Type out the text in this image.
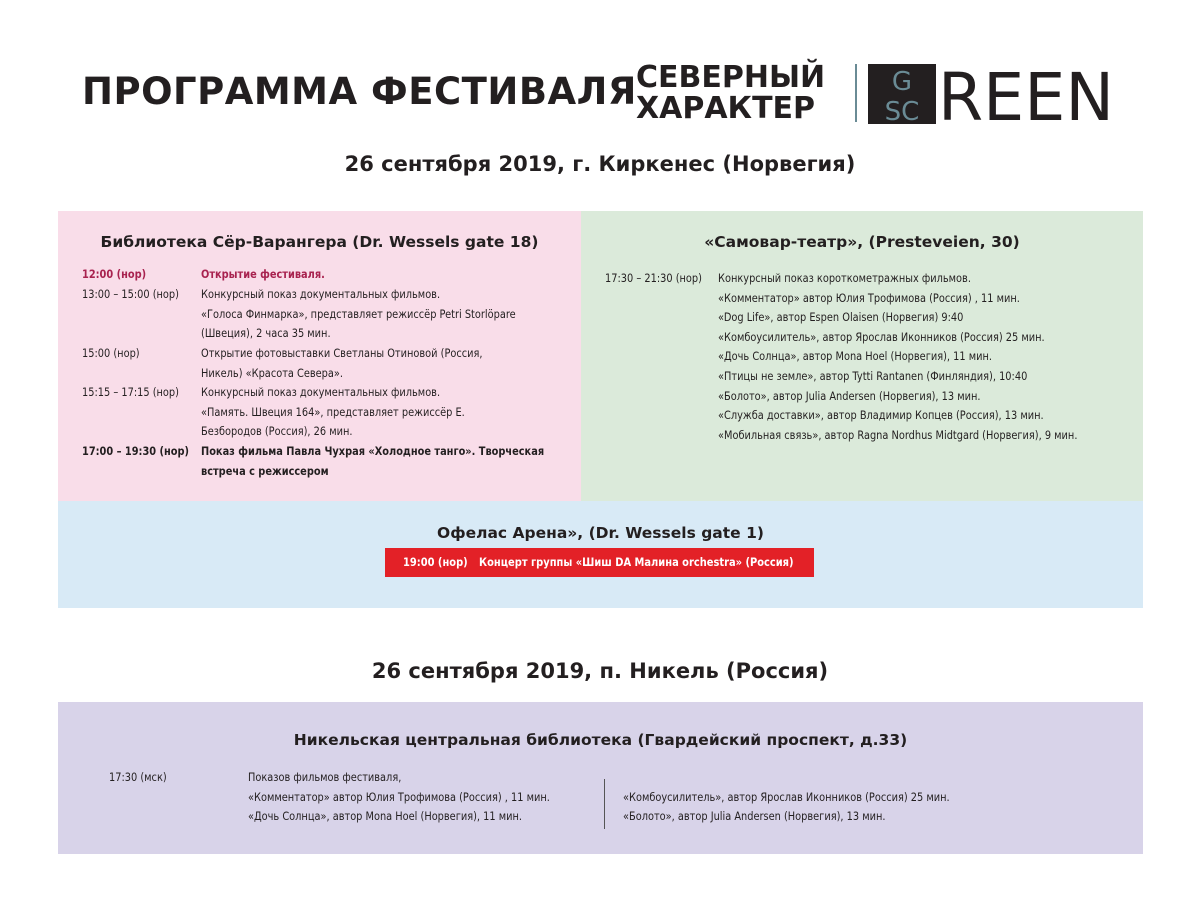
ПРОГРАММА ФЕСТИВАЛЯ СЕВЕРНЫЙ
ХАРАКТЕР
G
SC REEN
26 сентября 2019, г. Киркенес (Норвегия)
Библиотека Сёр-Варангера (Dr. Wessels gate 18)
12:00 (нор)	Открытие фестиваля.
13:00 – 15:00 (нор)	Конкурсный показ документальных фильмов.
«Голоса Финмарка», представляет режиссёр Petri Storlöpare
(Швеция), 2 часа 35 мин.
15:00 (нор)	Открытие фотовыставки Светланы Отиновой (Россия,
Никель) «Красота Севера».
15:15 – 17:15 (нор)	Конкурсный показ документальных фильмов.
«Память. Швеция 164», представляет режиссёр Е.
Безбородов (Россия), 26 мин.
17:00 – 19:30 (нор)	Показ фильма Павла Чухрая «Холодное танго». Творческая
встреча с режиссером
«Самовар-театр», (Presteveien, 30)
17:30 – 21:30 (нор)	Конкурсный показ короткометражных фильмов.
«Комментатор» автор Юлия Трофимова (Россия) , 11 мин.
«Dog Life», автор Espen Olaisen (Норвегия) 9:40
«Комбоусилитель», автор Ярослав Иконников (Россия) 25 мин.
«Дочь Солнца», автор Mona Hoel (Норвегия), 11 мин.
«Птицы не земле», автор Tytti Rantanen (Финляндия), 10:40
«Болото», автор Julia Andersen (Норвегия), 13 мин.
«Служба доставки», автор Владимир Копцев (Россия), 13 мин.
«Мобильная связь», автор Ragna Nordhus Midtgard (Норвегия), 9 мин.
Офелас Арена», (Dr. Wessels gate 1)
19:00 (нор) Концерт группы «Шиш DA Малина orchestra» (Россия)
26 сентября 2019, п. Никель (Россия)
Никельская центральная библиотека (Гвардейский проспект, д.33)
17:30 (мск)	Показов фильмов фестиваля,
«Комментатор» автор Юлия Трофимова (Россия) , 11 мин.
«Дочь Солнца», автор Mona Hoel (Норвегия), 11 мин.
«Комбоусилитель», автор Ярослав Иконников (Россия) 25 мин.
«Болото», автор Julia Andersen (Норвегия), 13 мин.
